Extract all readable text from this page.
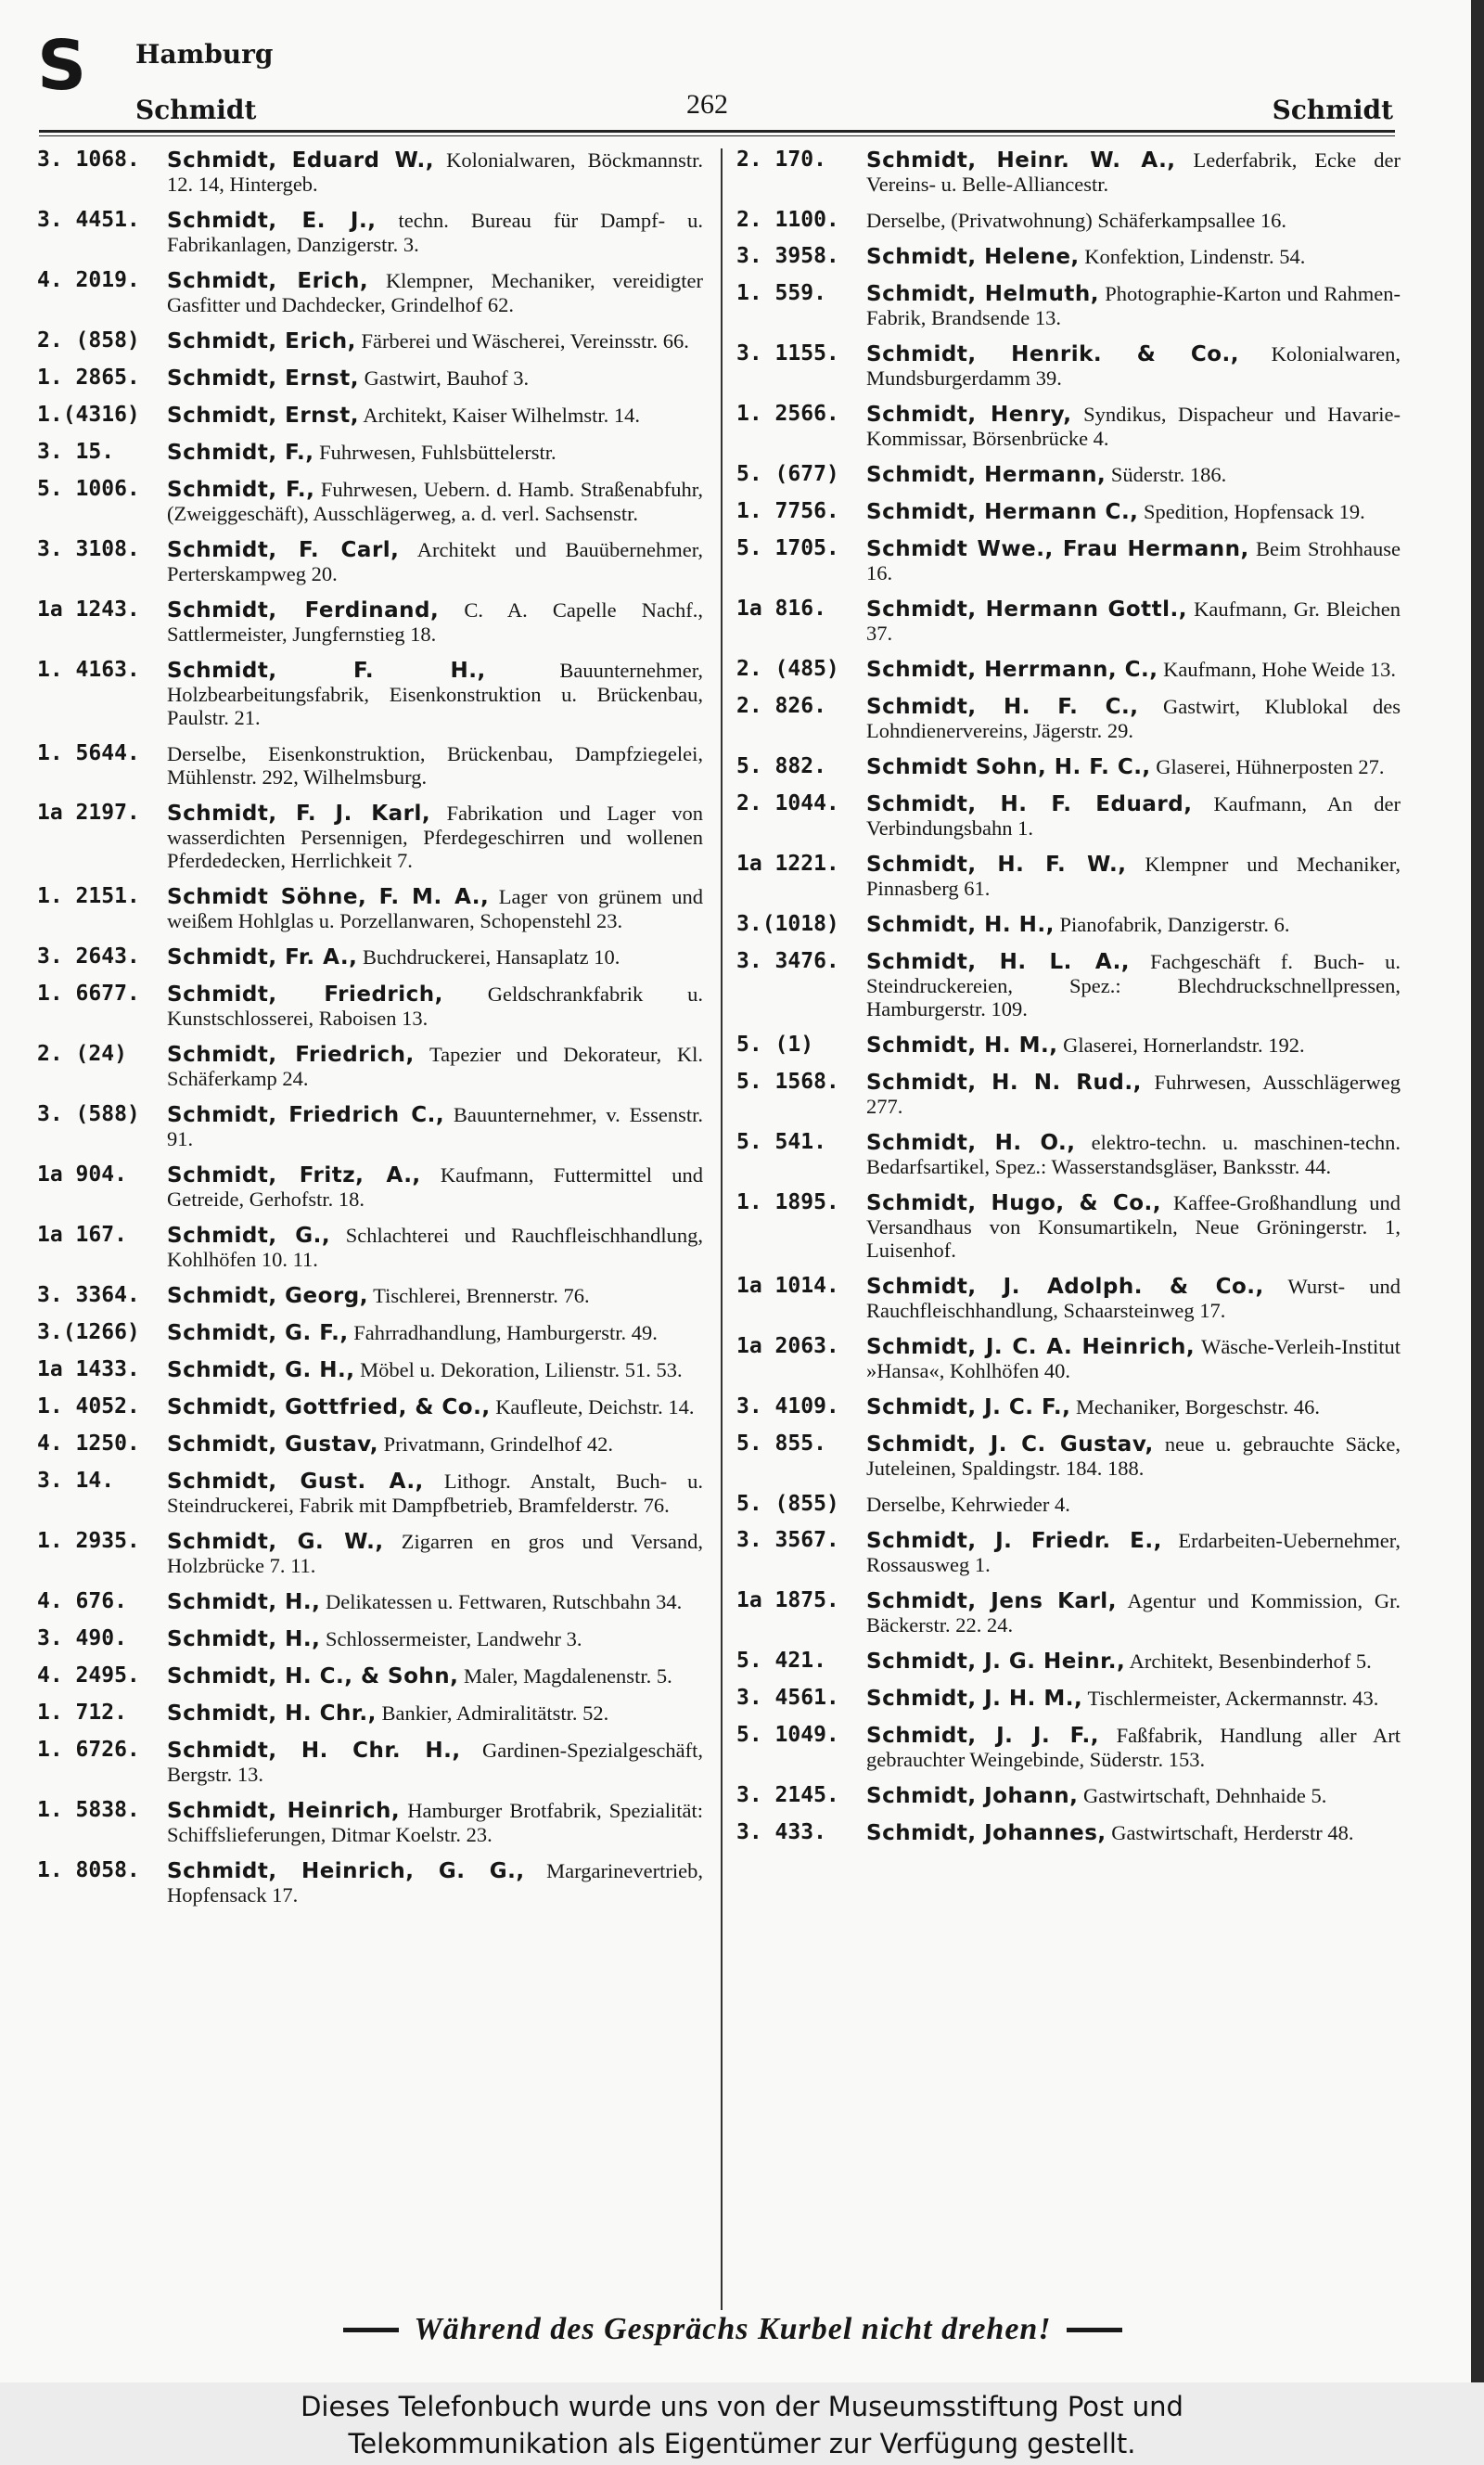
S Hamburg
Schmidt	262	Schmidt
3. 1068.	Schmidt, Eduard W., Kolonialwaren, Böckmannstr. 12. 14, Hintergeb.
3. 4451.	Schmidt, E. J., techn. Bureau für Dampf- u. Fabrikanlagen, Danzigerstr. 3.
4. 2019.	Schmidt, Erich, Klempner, Mechaniker, vereidigter Gasfitter und Dachdecker, Grindelhof 62.
2. (858)	Schmidt, Erich, Färberei und Wäscherei, Vereinsstr. 66.
1. 2865.	Schmidt, Ernst, Gastwirt, Bauhof 3.
1.(4316)	Schmidt, Ernst, Architekt, Kaiser Wilhelmstr. 14.
3. 15.	Schmidt, F., Fuhrwesen, Fuhlsbüttelerstr.
5. 1006.	Schmidt, F., Fuhrwesen, Uebern. d. Hamb. Straßenabfuhr, (Zweiggeschäft), Ausschlägerweg, a. d. verl. Sachsenstr.
3. 3108.	Schmidt, F. Carl, Architekt und Bauübernehmer, Perterskampweg 20.
1a 1243.	Schmidt, Ferdinand, C. A. Capelle Nachf., Sattlermeister, Jungfernstieg 18.
1. 4163.	Schmidt, F. H.,	Bauunternehmer, Holzbearbeitungsfabrik, Eisenkonstruktion u. Brückenbau, Paulstr. 21.
1. 5644.	Derselbe, Eisenkonstruktion, Brückenbau, Dampfziegelei, Mühlenstr. 292, Wilhelmsburg.
1a 2197.	Schmidt, F. J. Karl, Fabrikation und Lager von wasserdichten Persennigen, Pferdegeschirren und wollenen Pferdedecken, Herrlichkeit 7.
1. 2151.	Schmidt Söhne, F. M. A., Lager von grünem und weißem Hohlglas u. Porzellanwaren, Schopenstehl 23.
3. 2643.	Schmidt, Fr. A., Buchdruckerei, Hansaplatz 10.
1. 6677.	Schmidt, Friedrich, Geldschrankfabrik u. Kunstschlosserei, Raboisen 13.
2. (24)	Schmidt, Friedrich, Tapezier und Dekorateur, Kl. Schäferkamp 24.
3. (588)	Schmidt, Friedrich C., Bauunternehmer, v. Essenstr. 91.
1a 904.	Schmidt, Fritz, A., Kaufmann, Futtermittel und Getreide, Gerhofstr. 18.
1a 167.	Schmidt, G., Schlachterei und Rauchfleischhandlung, Kohlhöfen 10. 11.
3. 3364.	Schmidt, Georg, Tischlerei, Brennerstr. 76.
3.(1266)	Schmidt, G. F., Fahrradhandlung, Hamburgerstr. 49.
1a 1433.	Schmidt, G. H., Möbel u. Dekoration, Lilienstr. 51. 53.
1. 4052.	Schmidt, Gottfried, & Co., Kaufleute, Deichstr. 14.
4. 1250.	Schmidt, Gustav, Privatmann, Grindelhof 42.
3. 14.	Schmidt, Gust. A., Lithogr. Anstalt, Buch- u. Steindruckerei, Fabrik mit Dampfbetrieb, Bramfelderstr. 76.
1. 2935.	Schmidt, G. W., Zigarren en gros und Versand, Holzbrücke 7. 11.
4. 676.	Schmidt, H., Delikatessen u. Fettwaren, Rutschbahn 34.
3. 490.	Schmidt, H., Schlossermeister, Landwehr 3.
4. 2495.	Schmidt, H. C., & Sohn, Maler, Magdalenenstr. 5.
1. 712.	Schmidt, H. Chr., Bankier, Admiralitätstr. 52.
1. 6726.	Schmidt, H. Chr. H., Gardinen-Spezialgeschäft, Bergstr. 13.
1. 5838.	Schmidt, Heinrich, Hamburger Brotfabrik, Spezialität: Schiffslieferungen, Ditmar Koelstr. 23.
1. 8058.	Schmidt, Heinrich, G. G., Margarinevertrieb, Hopfensack 17.
2. 170.	Schmidt, Heinr. W. A., Lederfabrik, Ecke der Vereins- u. Belle-Alliancestr.
2. 1100.	Derselbe, (Privatwohnung) Schäferkampsallee 16.
3. 3958.	Schmidt, Helene, Konfektion, Lindenstr. 54.
1. 559.	Schmidt, Helmuth, Photographie-Karton und Rahmen-Fabrik, Brandsende 13.
3. 1155.	Schmidt, Henrik. & Co., Kolonialwaren, Mundsburgerdamm 39.
1. 2566.	Schmidt, Henry, Syndikus, Dispacheur und Havarie-Kommissar, Börsenbrücke 4.
5. (677)	Schmidt, Hermann, Süderstr. 186.
1. 7756.	Schmidt, Hermann C., Spedition, Hopfensack 19.
5. 1705.	Schmidt Wwe., Frau Hermann, Beim Strohhause 16.
1a 816.	Schmidt, Hermann Gottl., Kaufmann, Gr. Bleichen 37.
2. (485)	Schmidt, Herrmann, C., Kaufmann, Hohe Weide 13.
2. 826.	Schmidt, H. F. C., Gastwirt, Klublokal des Lohndienervereins, Jägerstr. 29.
5. 882.	Schmidt Sohn, H. F. C., Glaserei, Hühnerposten 27.
2. 1044.	Schmidt, H. F. Eduard, Kaufmann, An der Verbindungsbahn 1.
1a 1221.	Schmidt, H. F. W., Klempner und Mechaniker, Pinnasberg 61.
3.(1018)	Schmidt, H. H., Pianofabrik, Danzigerstr. 6.
3. 3476.	Schmidt, H. L. A., Fachgeschäft f. Buch- u. Steindruckereien, Spez.: Blechdruckschnellpressen, Hamburgerstr. 109.
5. (1)	Schmidt, H. M., Glaserei, Hornerlandstr. 192.
5. 1568.	Schmidt, H. N. Rud., Fuhrwesen, Ausschlägerweg 277.
5. 541.	Schmidt, H. O., elektro-techn. u. maschinen-techn. Bedarfsartikel, Spez.: Wasserstandsgläser, Banksstr. 44.
1. 1895.	Schmidt, Hugo, & Co., Kaffee-Großhandlung und Versandhaus von Konsumartikeln, Neue Gröningerstr. 1, Luisenhof.
1a 1014.	Schmidt, J. Adolph. & Co., Wurst- und Rauchfleischhandlung, Schaarsteinweg 17.
1a 2063.	Schmidt, J. C. A. Heinrich, Wäsche-Verleih-Institut »Hansa«, Kohlhöfen 40.
3. 4109.	Schmidt, J. C. F., Mechaniker, Borgeschstr. 46.
5. 855.	Schmidt, J. C. Gustav, neue u. gebrauchte Säcke, Juteleinen, Spaldingstr. 184. 188.
5. (855)	Derselbe, Kehrwieder 4.
3. 3567.	Schmidt, J. Friedr. E., Erdarbeiten-Uebernehmer, Rossausweg 1.
1a 1875.	Schmidt, Jens Karl, Agentur und Kommission, Gr. Bäckerstr. 22. 24.
5. 421.	Schmidt, J. G. Heinr., Architekt, Besenbinderhof 5.
3. 4561.	Schmidt, J. H. M., Tischlermeister, Ackermannstr. 43.
5. 1049.	Schmidt, J. J. F., Faßfabrik, Handlung aller Art gebrauchter Weingebinde, Süderstr. 153.
3. 2145.	Schmidt, Johann, Gastwirtschaft, Dehnhaide 5.
3. 433.	Schmidt, Johannes, Gastwirtschaft, Herderstr 48.
Während des Gesprächs Kurbel nicht drehen!
Dieses Telefonbuch wurde uns von der Museumsstiftung Post und
Telekommunikation als Eigentümer zur Verfügung gestellt.
